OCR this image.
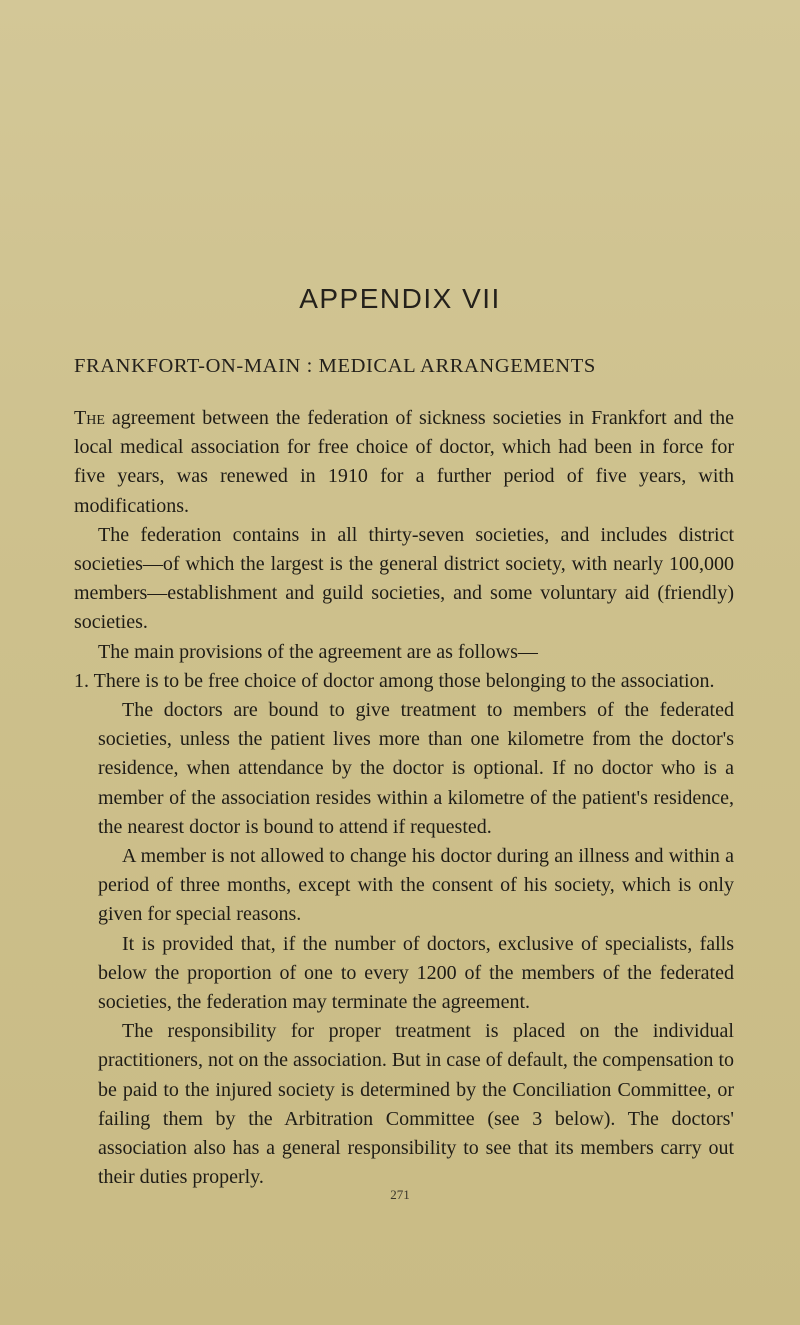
APPENDIX VII
FRANKFORT-ON-MAIN : MEDICAL ARRANGEMENTS

The agreement between the federation of sickness societies in Frankfort and the local medical association for free choice of doctor, which had been in force for five years, was renewed in 1910 for a further period of five years, with modifications.

The federation contains in all thirty-seven societies, and includes district societies—of which the largest is the general district society, with nearly 100,000 members—establishment and guild societies, and some voluntary aid (friendly) societies.

The main provisions of the agreement are as follows—

1. There is to be free choice of doctor among those belonging to the association.

The doctors are bound to give treatment to members of the federated societies, unless the patient lives more than one kilometre from the doctor's residence, when attendance by the doctor is optional. If no doctor who is a member of the association resides within a kilometre of the patient's residence, the nearest doctor is bound to attend if requested.

A member is not allowed to change his doctor during an illness and within a period of three months, except with the consent of his society, which is only given for special reasons.

It is provided that, if the number of doctors, exclusive of specialists, falls below the proportion of one to every 1200 of the members of the federated societies, the federation may terminate the agreement.

The responsibility for proper treatment is placed on the individual practitioners, not on the association. But in case of default, the compensation to be paid to the injured society is determined by the Conciliation Committee, or failing them by the Arbitration Committee (see 3 below). The doctors' association also has a general responsibility to see that its members carry out their duties properly.

271
